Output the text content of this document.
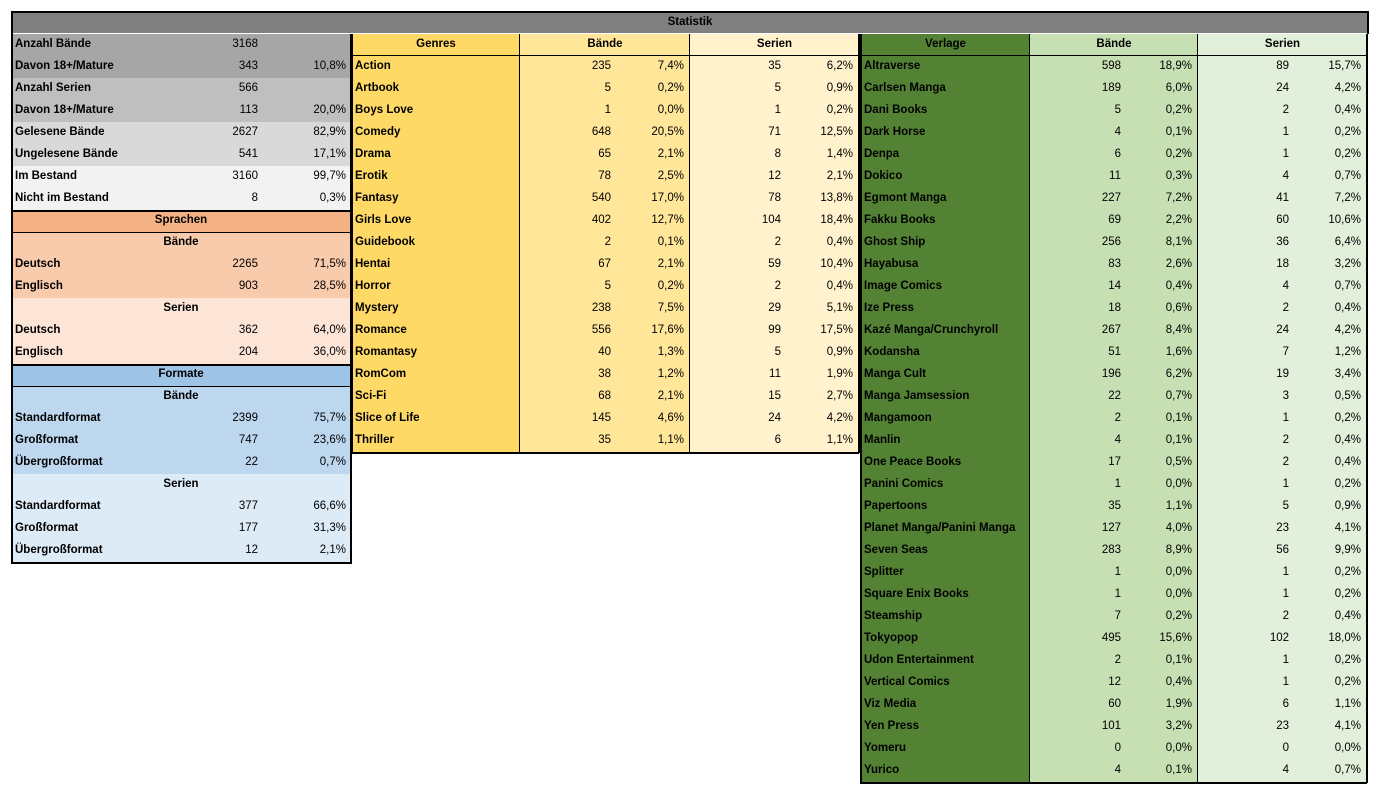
Statistik
Anzahl Bände	3168
Davon 18+/Mature	343	10,8%
Anzahl Serien	566
Davon 18+/Mature	113	20,0%
Gelesene Bände	2627	82,9%
Ungelesene Bände	541	17,1%
Im Bestand	3160	99,7%
Nicht im Bestand	8	0,3%
Sprachen
Bände
Deutsch	2265	71,5%
Englisch	903	28,5%
Serien
Deutsch	362	64,0%
Englisch	204	36,0%
Formate
Bände
Standardformat	2399	75,7%
Großformat	747	23,6%
Übergroßformat	22	0,7%
Serien
Standardformat	377	66,6%
Großformat	177	31,3%
Übergroßformat	12	2,1%
Genres	Bände	Serien
Action	235	7,4%	35	6,2%
Artbook	5	0,2%	5	0,9%
Boys Love	1	0,0%	1	0,2%
Comedy	648	20,5%	71	12,5%
Drama	65	2,1%	8	1,4%
Erotik	78	2,5%	12	2,1%
Fantasy	540	17,0%	78	13,8%
Girls Love	402	12,7%	104	18,4%
Guidebook	2	0,1%	2	0,4%
Hentai	67	2,1%	59	10,4%
Horror	5	0,2%	2	0,4%
Mystery	238	7,5%	29	5,1%
Romance	556	17,6%	99	17,5%
Romantasy	40	1,3%	5	0,9%
RomCom	38	1,2%	11	1,9%
Sci-Fi	68	2,1%	15	2,7%
Slice of Life	145	4,6%	24	4,2%
Thriller	35	1,1%	6	1,1%
Verlage	Bände	Serien
Altraverse	598	18,9%	89	15,7%
Carlsen Manga	189	6,0%	24	4,2%
Dani Books	5	0,2%	2	0,4%
Dark Horse	4	0,1%	1	0,2%
Denpa	6	0,2%	1	0,2%
Dokico	11	0,3%	4	0,7%
Egmont Manga	227	7,2%	41	7,2%
Fakku Books	69	2,2%	60	10,6%
Ghost Ship	256	8,1%	36	6,4%
Hayabusa	83	2,6%	18	3,2%
Image Comics	14	0,4%	4	0,7%
Ize Press	18	0,6%	2	0,4%
Kazé Manga/Crunchyroll	267	8,4%	24	4,2%
Kodansha	51	1,6%	7	1,2%
Manga Cult	196	6,2%	19	3,4%
Manga Jamsession	22	0,7%	3	0,5%
Mangamoon	2	0,1%	1	0,2%
Manlin	4	0,1%	2	0,4%
One Peace Books	17	0,5%	2	0,4%
Panini Comics	1	0,0%	1	0,2%
Papertoons	35	1,1%	5	0,9%
Planet Manga/Panini Manga	127	4,0%	23	4,1%
Seven Seas	283	8,9%	56	9,9%
Splitter	1	0,0%	1	0,2%
Square Enix Books	1	0,0%	1	0,2%
Steamship	7	0,2%	2	0,4%
Tokyopop	495	15,6%	102	18,0%
Udon Entertainment	2	0,1%	1	0,2%
Vertical Comics	12	0,4%	1	0,2%
Viz Media	60	1,9%	6	1,1%
Yen Press	101	3,2%	23	4,1%
Yomeru	0	0,0%	0	0,0%
Yurico	4	0,1%	4	0,7%
